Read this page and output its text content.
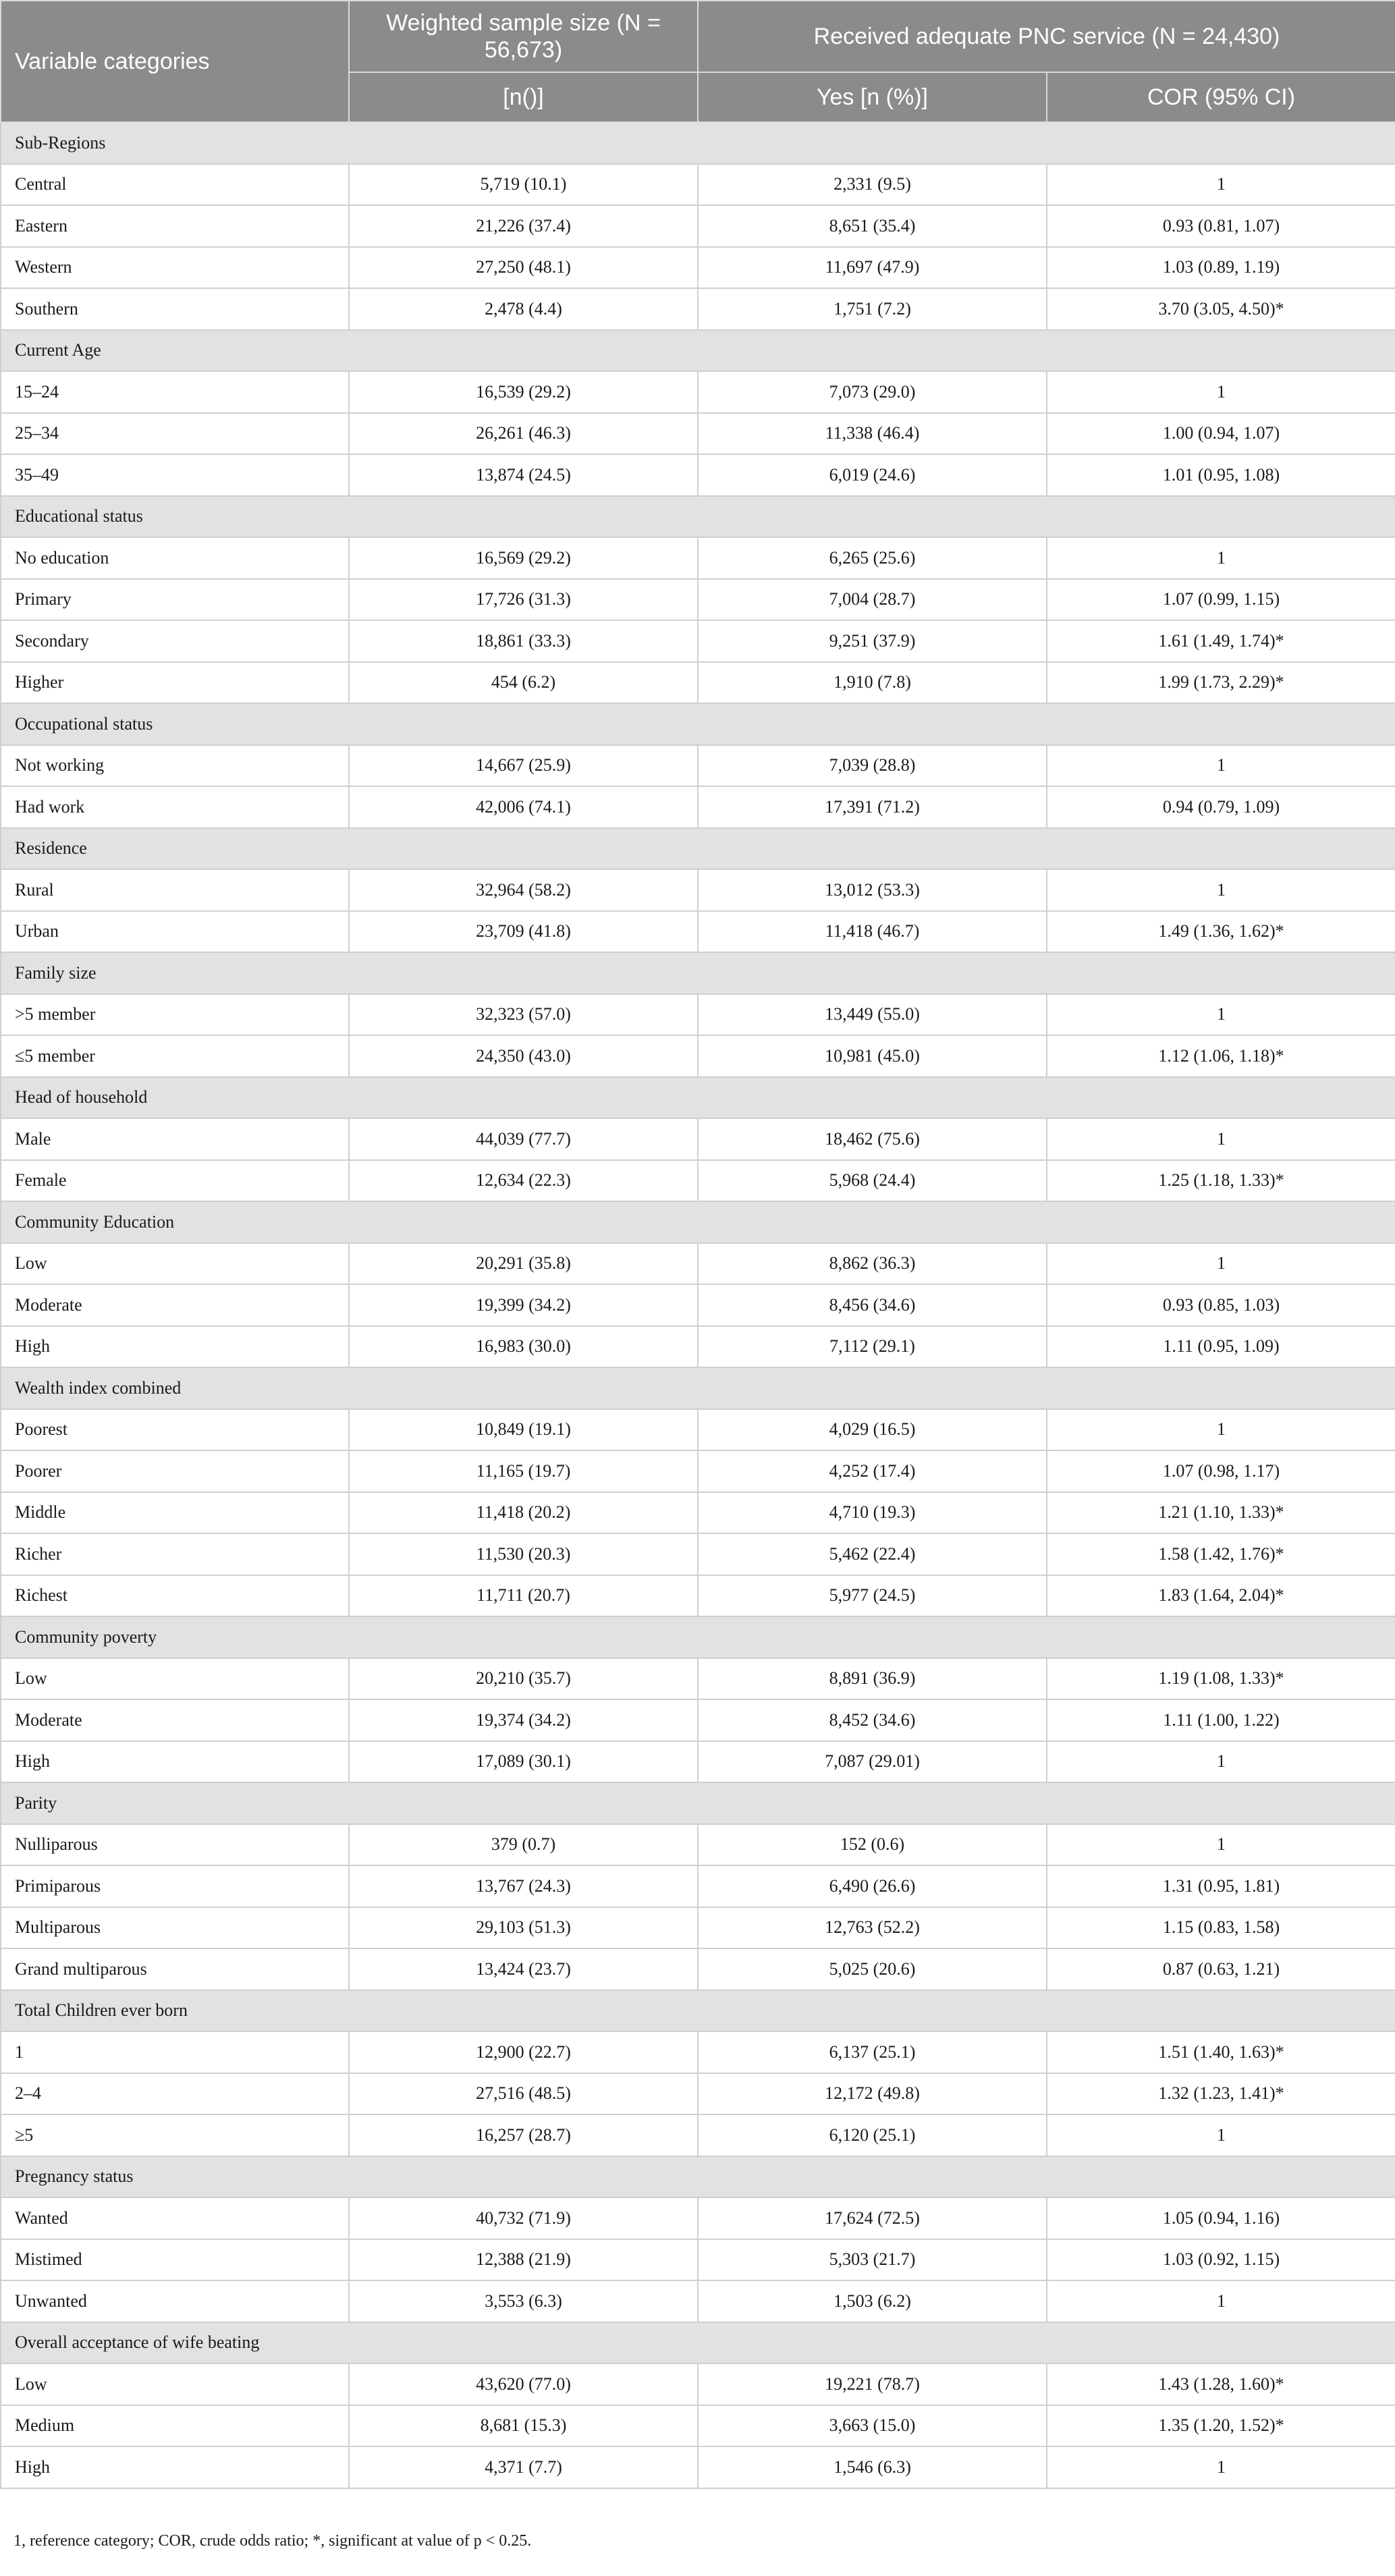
Variable categories	Weighted sample size (N = 56,673)	Received adequate PNC service (N = 24,430)	
	[n()]	Yes [n (%)]	COR (95% CI)
Sub-Regions			
Central	5,719 (10.1)	2,331 (9.5)	1
Eastern	21,226 (37.4)	8,651 (35.4)	0.93 (0.81, 1.07)
Western	27,250 (48.1)	11,697 (47.9)	1.03 (0.89, 1.19)
Southern	2,478 (4.4)	1,751 (7.2)	3.70 (3.05, 4.50)*
Current Age			
15–24	16,539 (29.2)	7,073 (29.0)	1
25–34	26,261 (46.3)	11,338 (46.4)	1.00 (0.94, 1.07)
35–49	13,874 (24.5)	6,019 (24.6)	1.01 (0.95, 1.08)
Educational status			
No education	16,569 (29.2)	6,265 (25.6)	1
Primary	17,726 (31.3)	7,004 (28.7)	1.07 (0.99, 1.15)
Secondary	18,861 (33.3)	9,251 (37.9)	1.61 (1.49, 1.74)*
Higher	454 (6.2)	1,910 (7.8)	1.99 (1.73, 2.29)*
Occupational status			
Not working	14,667 (25.9)	7,039 (28.8)	1
Had work	42,006 (74.1)	17,391 (71.2)	0.94 (0.79, 1.09)
Residence			
Rural	32,964 (58.2)	13,012 (53.3)	1
Urban	23,709 (41.8)	11,418 (46.7)	1.49 (1.36, 1.62)*
Family size			
>5 member	32,323 (57.0)	13,449 (55.0)	1
≤5 member	24,350 (43.0)	10,981 (45.0)	1.12 (1.06, 1.18)*
Head of household			
Male	44,039 (77.7)	18,462 (75.6)	1
Female	12,634 (22.3)	5,968 (24.4)	1.25 (1.18, 1.33)*
Community Education			
Low	20,291 (35.8)	8,862 (36.3)	1
Moderate	19,399 (34.2)	8,456 (34.6)	0.93 (0.85, 1.03)
High	16,983 (30.0)	7,112 (29.1)	1.11 (0.95, 1.09)
Wealth index combined			
Poorest	10,849 (19.1)	4,029 (16.5)	1
Poorer	11,165 (19.7)	4,252 (17.4)	1.07 (0.98, 1.17)
Middle	11,418 (20.2)	4,710 (19.3)	1.21 (1.10, 1.33)*
Richer	11,530 (20.3)	5,462 (22.4)	1.58 (1.42, 1.76)*
Richest	11,711 (20.7)	5,977 (24.5)	1.83 (1.64, 2.04)*
Community poverty			
Low	20,210 (35.7)	8,891 (36.9)	1.19 (1.08, 1.33)*
Moderate	19,374 (34.2)	8,452 (34.6)	1.11 (1.00, 1.22)
High	17,089 (30.1)	7,087 (29.01)	1
Parity			
Nulliparous	379 (0.7)	152 (0.6)	1
Primiparous	13,767 (24.3)	6,490 (26.6)	1.31 (0.95, 1.81)
Multiparous	29,103 (51.3)	12,763 (52.2)	1.15 (0.83, 1.58)
Grand multiparous	13,424 (23.7)	5,025 (20.6)	0.87 (0.63, 1.21)
Total Children ever born			
1	12,900 (22.7)	6,137 (25.1)	1.51 (1.40, 1.63)*
2–4	27,516 (48.5)	12,172 (49.8)	1.32 (1.23, 1.41)*
≥5	16,257 (28.7)	6,120 (25.1)	1
Pregnancy status			
Wanted	40,732 (71.9)	17,624 (72.5)	1.05 (0.94, 1.16)
Mistimed	12,388 (21.9)	5,303 (21.7)	1.03 (0.92, 1.15)
Unwanted	3,553 (6.3)	1,503 (6.2)	1
Overall acceptance of wife beating			
Low	43,620 (77.0)	19,221 (78.7)	1.43 (1.28, 1.60)*
Medium	8,681 (15.3)	3,663 (15.0)	1.35 (1.20, 1.52)*
High	4,371 (7.7)	1,546 (6.3)	1
1, reference category; COR, crude odds ratio; *, significant at value of p < 0.25.
